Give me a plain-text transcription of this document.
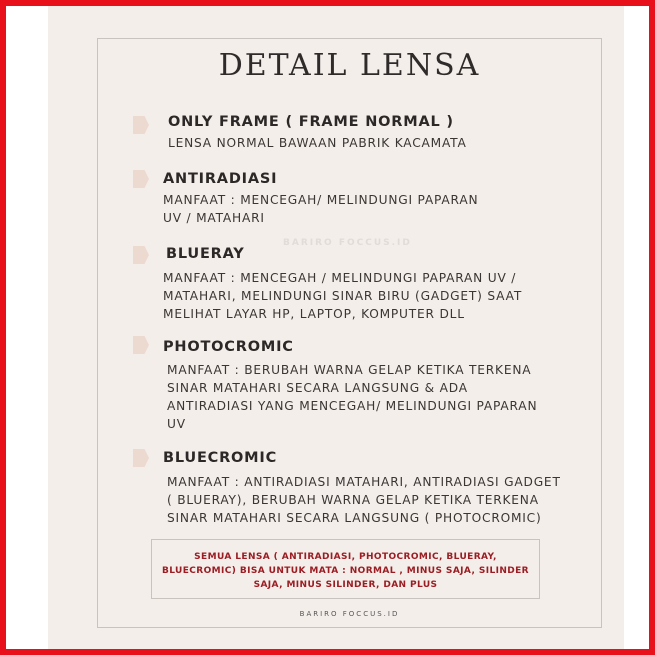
DETAIL LENSA
BARIRO FOCCUS.ID
ONLY FRAME ( FRAME NORMAL )
LENSA NORMAL BAWAAN PABRIK KACAMATA
ANTIRADIASI
MANFAAT : MENCEGAH/ MELINDUNGI PAPARAN
UV / MATAHARI
BLUERAY
MANFAAT : MENCEGAH / MELINDUNGI PAPARAN UV /
MATAHARI, MELINDUNGI SINAR BIRU (GADGET) SAAT
MELIHAT LAYAR HP, LAPTOP, KOMPUTER DLL
PHOTOCROMIC
MANFAAT : BERUBAH WARNA GELAP KETIKA TERKENA
SINAR MATAHARI SECARA LANGSUNG & ADA
ANTIRADIASI YANG MENCEGAH/ MELINDUNGI PAPARAN
UV
BLUECROMIC
MANFAAT : ANTIRADIASI MATAHARI, ANTIRADIASI GADGET
( BLUERAY), BERUBAH WARNA GELAP KETIKA TERKENA
SINAR MATAHARI SECARA LANGSUNG ( PHOTOCROMIC)
SEMUA LENSA ( ANTIRADIASI, PHOTOCROMIC, BLUERAY,
BLUECROMIC) BISA UNTUK MATA : NORMAL , MINUS SAJA, SILINDER
SAJA, MINUS SILINDER, DAN PLUS
BARIRO FOCCUS.ID
